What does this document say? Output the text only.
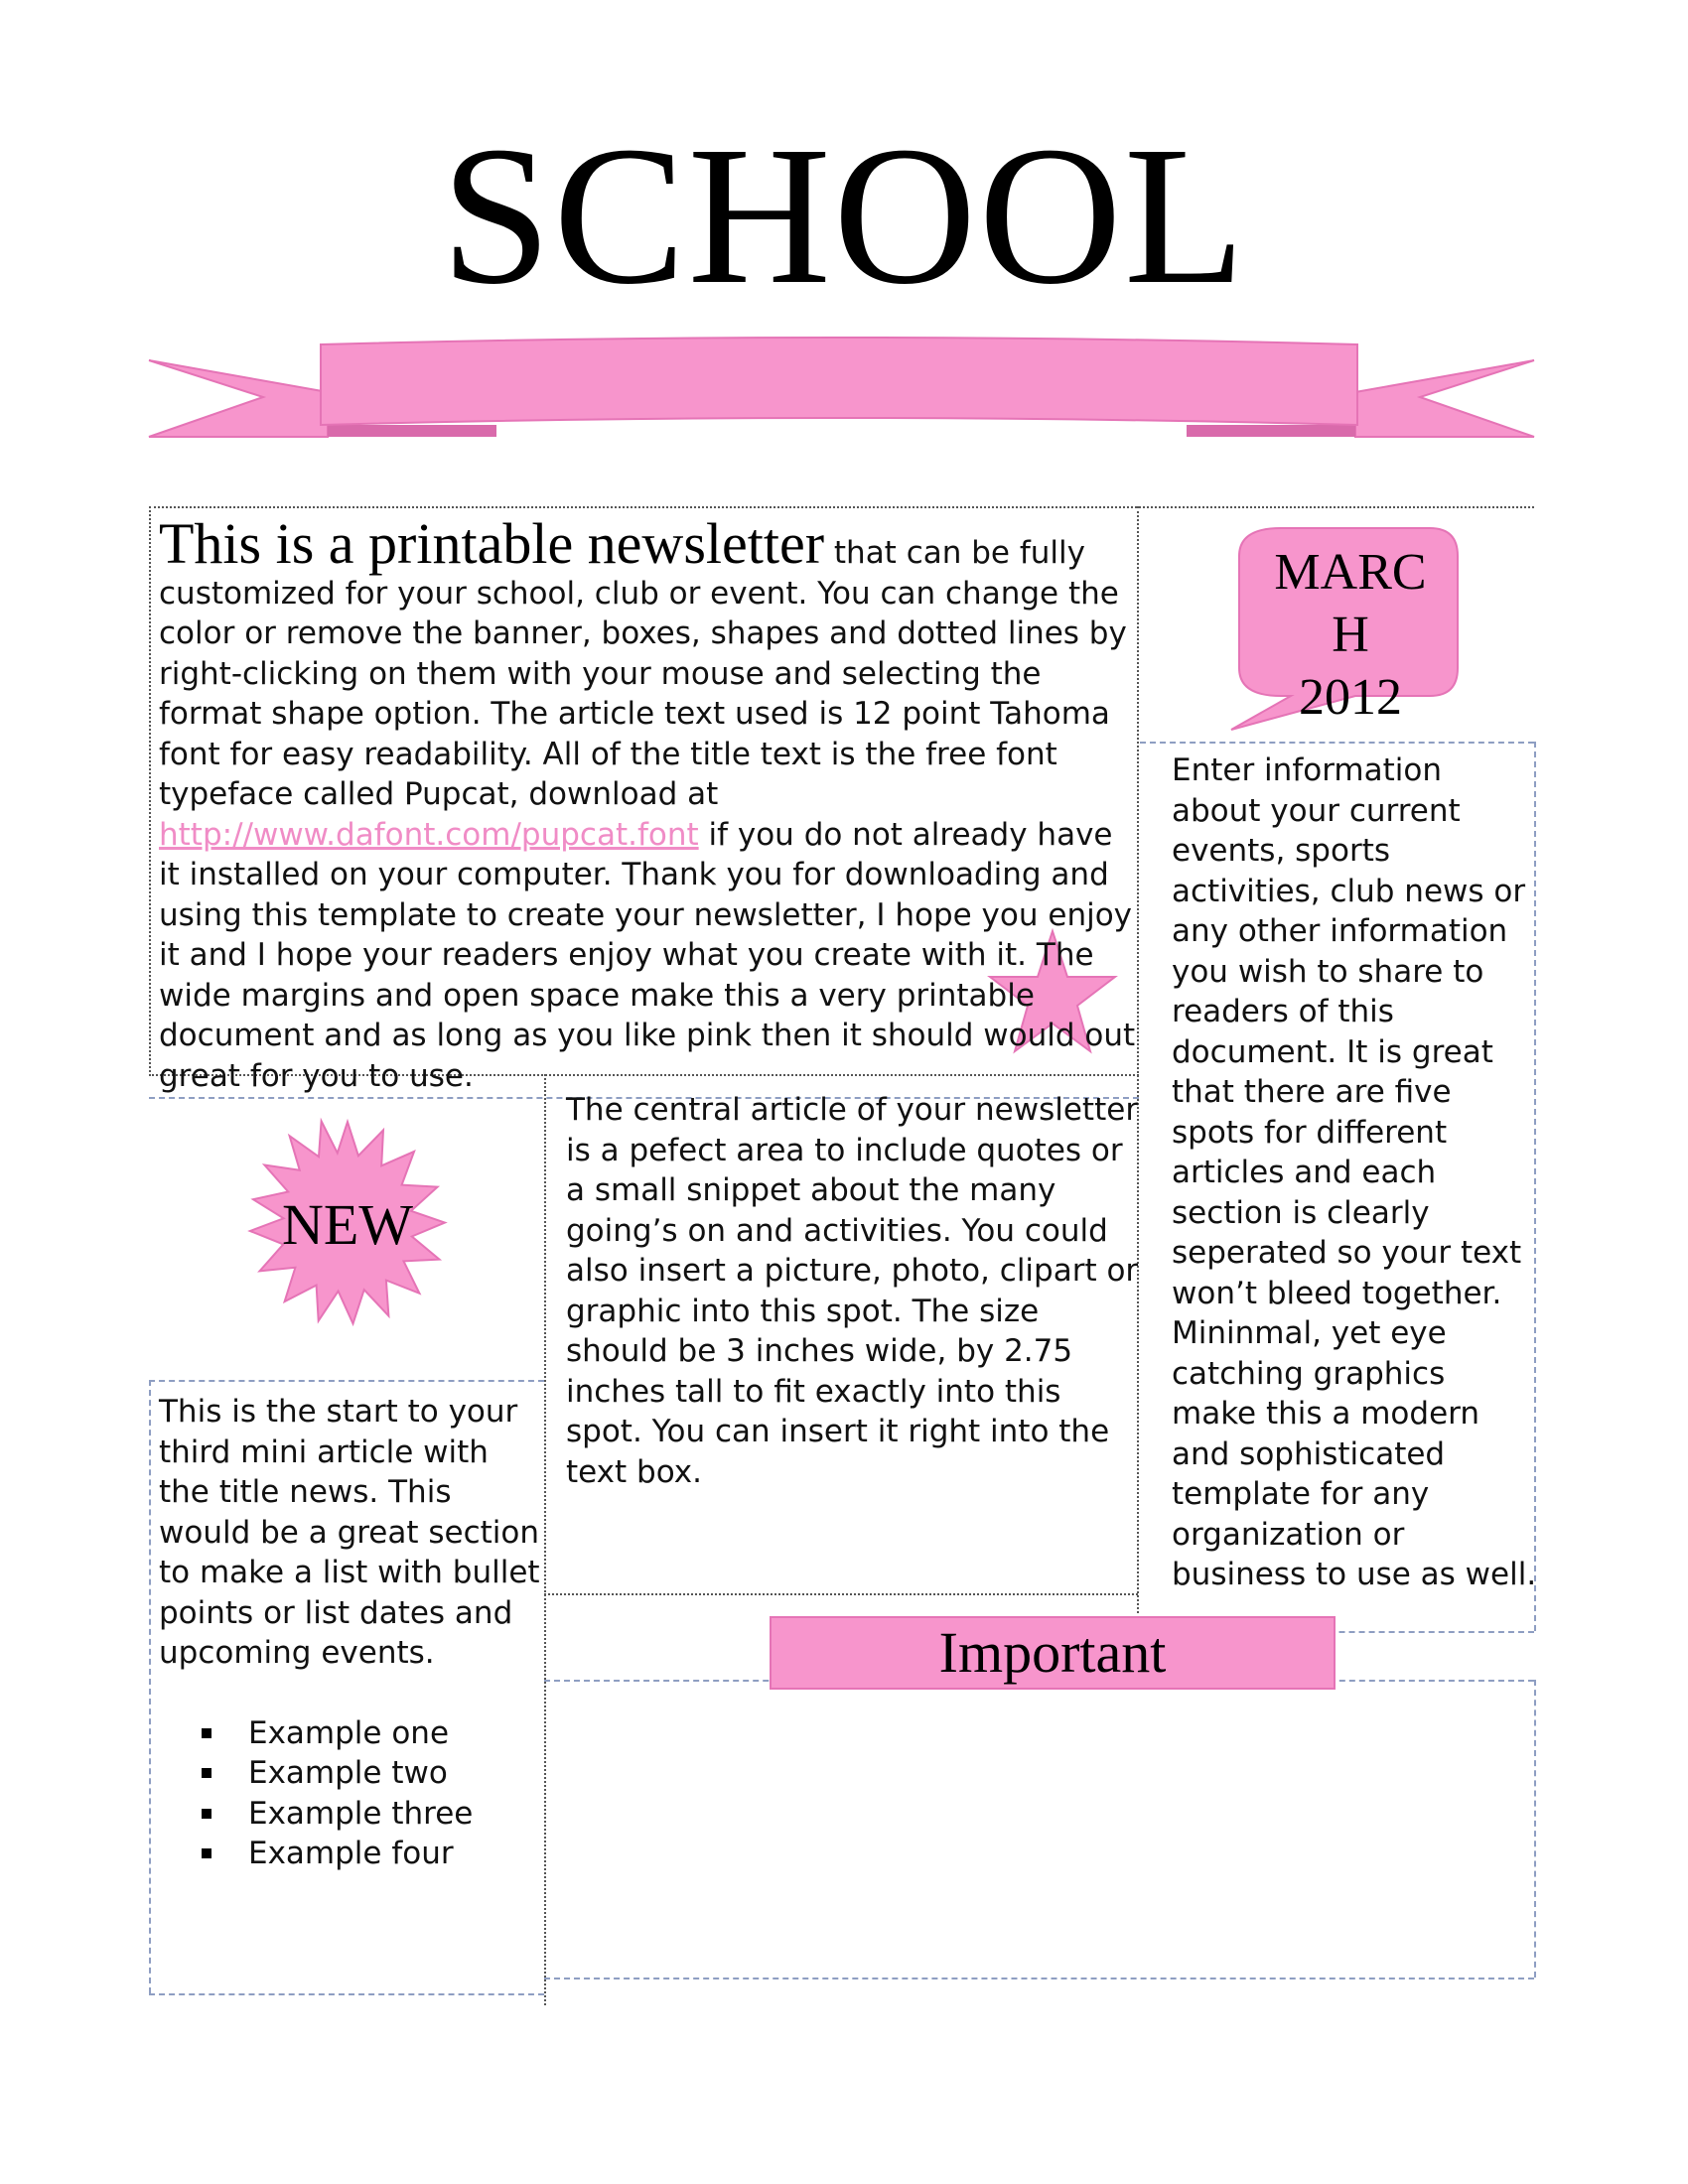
SCHOOL
This is a printable newsletter that can be fully customized for your school, club or event. You can change the color or remove the banner, boxes, shapes and dotted lines by right-clicking on them with your mouse and selecting the format shape option. The article text used is 12 point Tahoma font for easy readability. All of the title text is the free font typeface called Pupcat, download at http://www.dafont.com/pupcat.font if you do not already have it installed on your computer. Thank you for downloading and using this template to create your newsletter, I hope you enjoy it and I hope your readers enjoy what you create with it. The wide margins and open space make this a very printable document and as long as you like pink then it should would out great for you to use.
MARC
H
2012
Enter information about your current events, sports activities, club news or any other information you wish to share to readers of this document. It is great that there are five spots for different articles and each section is clearly seperated so your text won’t bleed together. Mininmal, yet eye catching graphics make this a modern and sophisticated template for any organization or business to use as well.
NEW
The central article of your newsletter is a pefect area to include quotes or a small snippet about the many going’s on and activities. You could also insert a picture, photo, clipart or graphic into this spot. The size should be 3 inches wide, by 2.75 inches tall to fit exactly into this spot. You can insert it right into the text box.
This is the start to your third mini article with the title news. This would be a great section to make a list with bullet points or list dates and upcoming events.
Example one
Example two
Example three
Example four
Important
